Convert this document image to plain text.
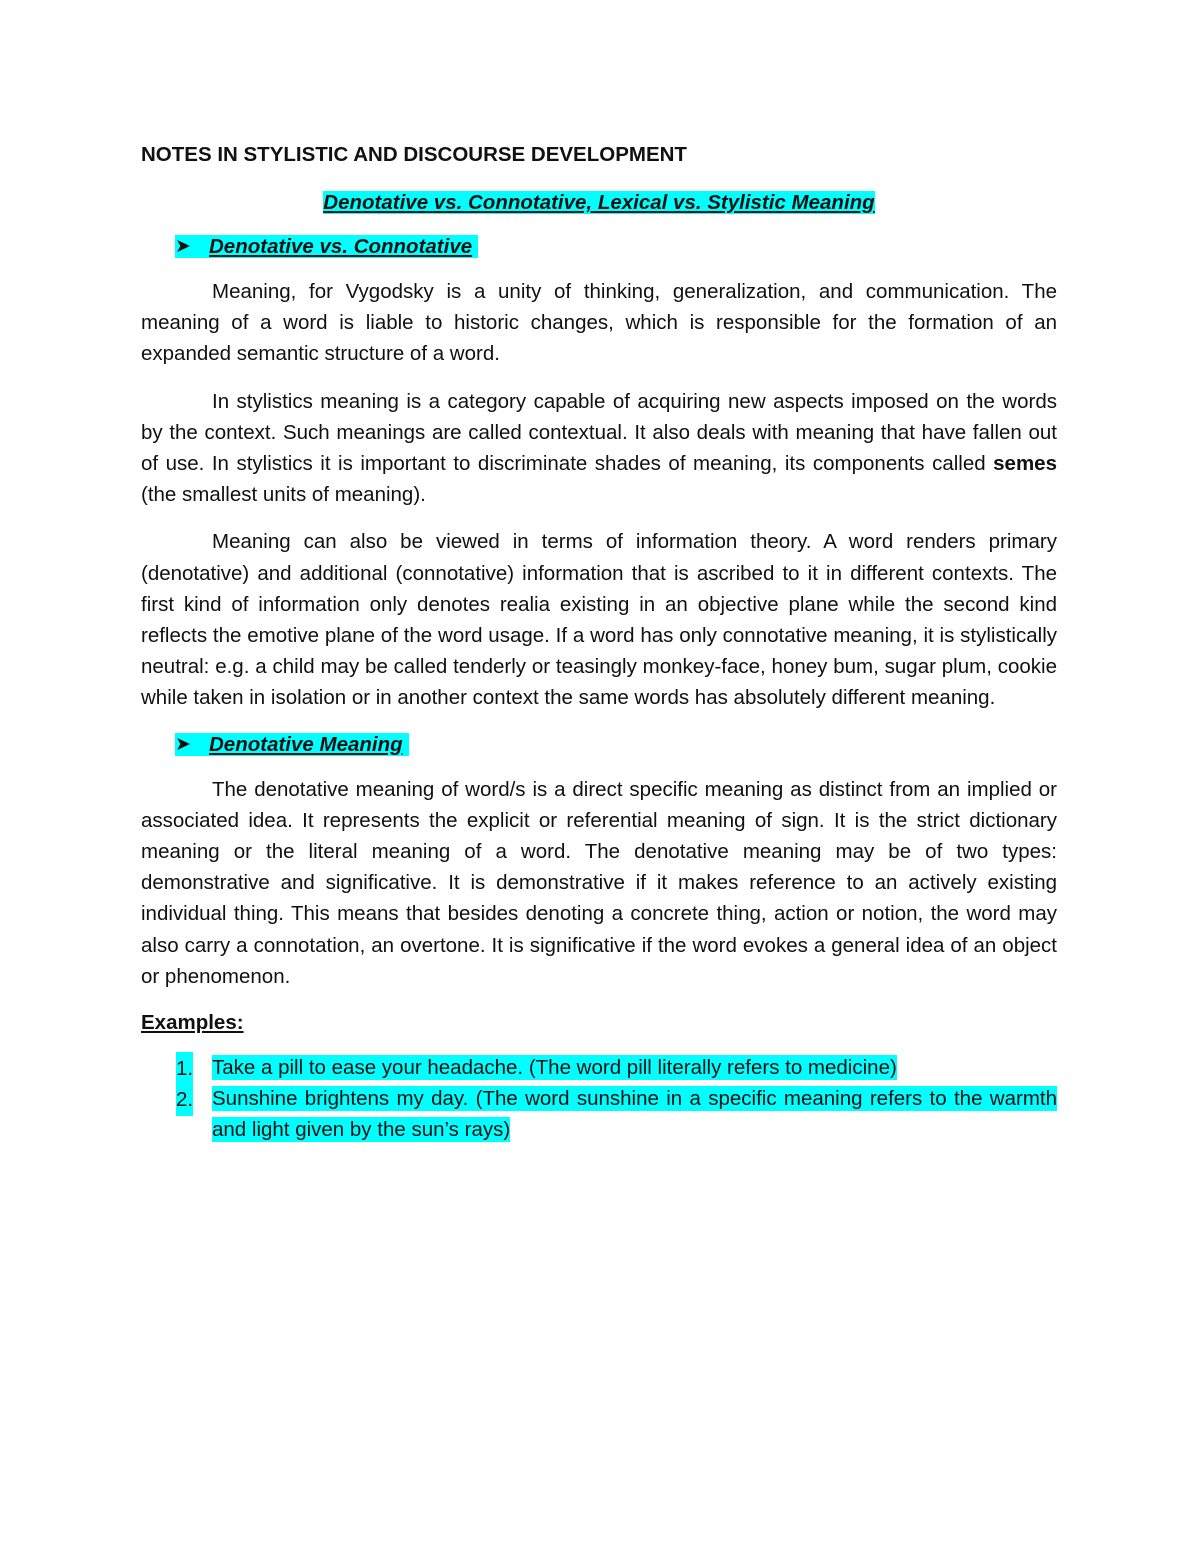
NOTES IN STYLISTIC AND DISCOURSE DEVELOPMENT
Denotative vs. Connotative, Lexical vs. Stylistic Meaning
➤ Denotative vs. Connotative

Meaning, for Vygodsky is a unity of thinking, generalization, and communication. The meaning of a word is liable to historic changes, which is responsible for the formation of an expanded semantic structure of a word.

In stylistics meaning is a category capable of acquiring new aspects imposed on the words by the context. Such meanings are called contextual. It also deals with meaning that have fallen out of use. In stylistics it is important to discriminate shades of meaning, its components called semes (the smallest units of meaning).

Meaning can also be viewed in terms of information theory. A word renders primary (denotative) and additional (connotative) information that is ascribed to it in different contexts. The first kind of information only denotes realia existing in an objective plane while the second kind reflects the emotive plane of the word usage. If a word has only connotative meaning, it is stylistically neutral: e.g. a child may be called tenderly or teasingly monkey-face, honey bum, sugar plum, cookie while taken in isolation or in another context the same words has absolutely different meaning.

➤ Denotative Meaning

The denotative meaning of word/s is a direct specific meaning as distinct from an implied or associated idea. It represents the explicit or referential meaning of sign. It is the strict dictionary meaning or the literal meaning of a word. The denotative meaning may be of two types: demonstrative and significative. It is demonstrative if it makes reference to an actively existing individual thing. This means that besides denoting a concrete thing, action or notion, the word may also carry a connotation, an overtone. It is significative if the word evokes a general idea of an object or phenomenon.

Examples:
1. Take a pill to ease your headache. (The word pill literally refers to medicine)
2. Sunshine brightens my day. (The word sunshine in a specific meaning refers to the warmth and light given by the sun’s rays)
